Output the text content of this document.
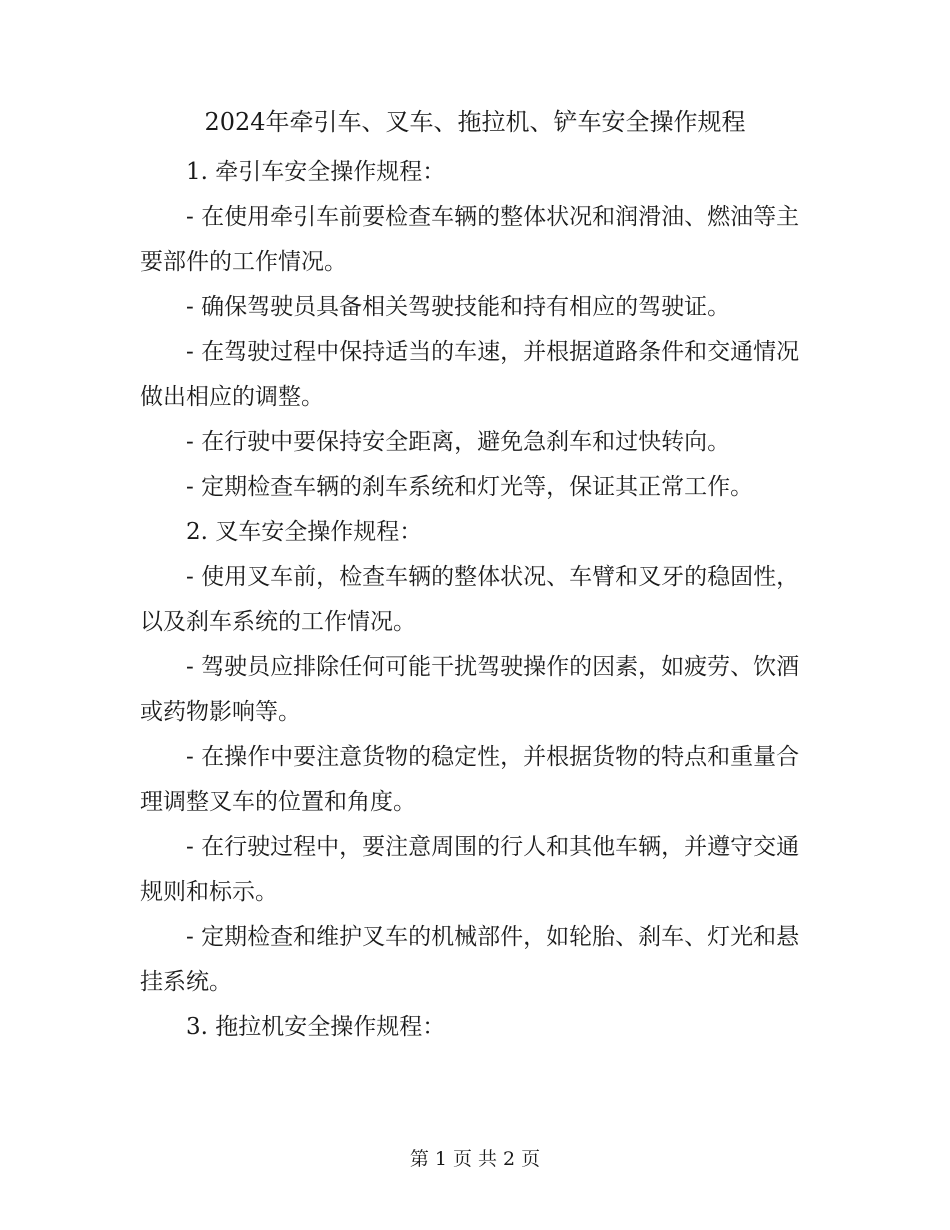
2024年牵引车、叉车、拖拉机、铲车安全操作规程

1. 牵引车安全操作规程：

- 在使用牵引车前要检查车辆的整体状况和润滑油、燃油等主要部件的工作情况。

- 确保驾驶员具备相关驾驶技能和持有相应的驾驶证。

- 在驾驶过程中保持适当的车速，并根据道路条件和交通情况做出相应的调整。

- 在行驶中要保持安全距离，避免急刹车和过快转向。

- 定期检查车辆的刹车系统和灯光等，保证其正常工作。

2. 叉车安全操作规程：

- 使用叉车前，检查车辆的整体状况、车臂和叉牙的稳固性，以及刹车系统的工作情况。

- 驾驶员应排除任何可能干扰驾驶操作的因素，如疲劳、饮酒或药物影响等。

- 在操作中要注意货物的稳定性，并根据货物的特点和重量合理调整叉车的位置和角度。

- 在行驶过程中，要注意周围的行人和其他车辆，并遵守交通规则和标示。

- 定期检查和维护叉车的机械部件，如轮胎、刹车、灯光和悬挂系统。

3. 拖拉机安全操作规程：

第 1 页 共 2 页
